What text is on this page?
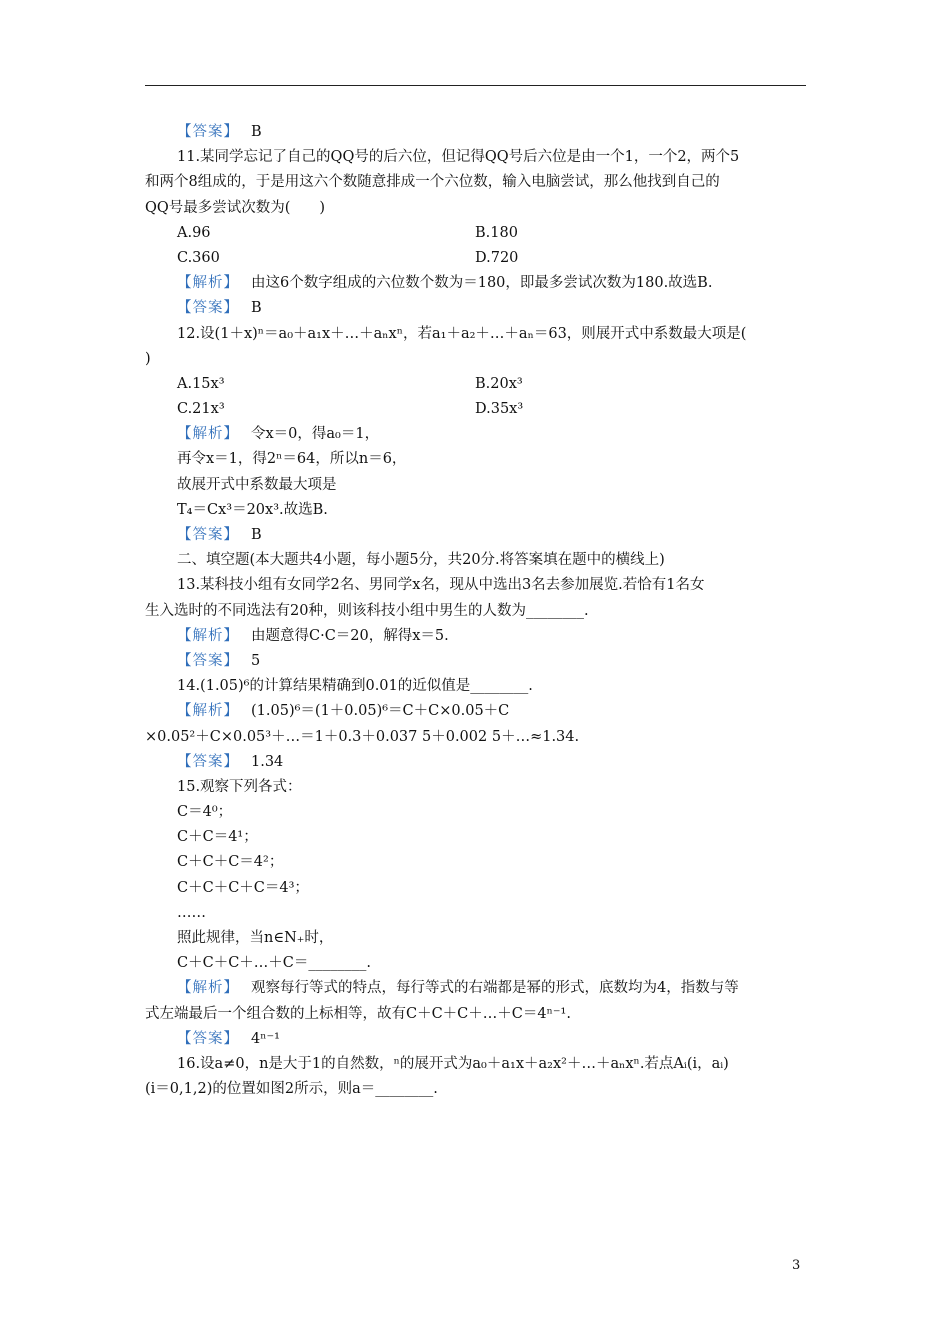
【答案】 B
11.某同学忘记了自己的QQ号的后六位，但记得QQ号后六位是由一个1，一个2，两个5
和两个8组成的，于是用这六个数随意排成一个六位数，输入电脑尝试，那么他找到自己的
QQ号最多尝试次数为(　　)
A.96	B.180
C.360	D.720
【解析】 由这6个数字组成的六位数个数为＝180，即最多尝试次数为180.故选B.
【答案】 B
12.设(1＋x)ⁿ＝a₀＋a₁x＋…＋aₙxⁿ，若a₁＋a₂＋…＋aₙ＝63，则展开式中系数最大项是(
)
A.15x³	B.20x³
C.21x³	D.35x³
【解析】 令x＝0，得a₀＝1，
再令x＝1，得2ⁿ＝64，所以n＝6，
故展开式中系数最大项是
T₄＝Cx³＝20x³.故选B.
【答案】 B
二、填空题(本大题共4小题，每小题5分，共20分.将答案填在题中的横线上)
13.某科技小组有女同学2名、男同学x名，现从中选出3名去参加展览.若恰有1名女
生入选时的不同选法有20种，则该科技小组中男生的人数为________.
【解析】 由题意得C·C＝20，解得x＝5.
【答案】 5
14.(1.05)⁶的计算结果精确到0.01的近似值是________.
【解析】 (1.05)⁶＝(1＋0.05)⁶＝C＋C×0.05＋C
×0.05²＋C×0.05³＋…＝1＋0.3＋0.037 5＋0.002 5＋…≈1.34.
【答案】 1.34
15.观察下列各式：
C＝4⁰；
C＋C＝4¹；
C＋C＋C＝4²；
C＋C＋C＋C＝4³；
……
照此规律，当n∈N₊时，
C＋C＋C＋…＋C＝________.
【解析】 观察每行等式的特点，每行等式的右端都是幂的形式，底数均为4，指数与等
式左端最后一个组合数的上标相等，故有C＋C＋C＋…＋C＝4ⁿ⁻¹.
【答案】 4ⁿ⁻¹
16.设a≠0，n是大于1的自然数，ⁿ的展开式为a₀＋a₁x＋a₂x²＋…＋aₙxⁿ.若点Aᵢ(i，aᵢ)
(i＝0,1,2)的位置如图2所示，则a＝________.
3
